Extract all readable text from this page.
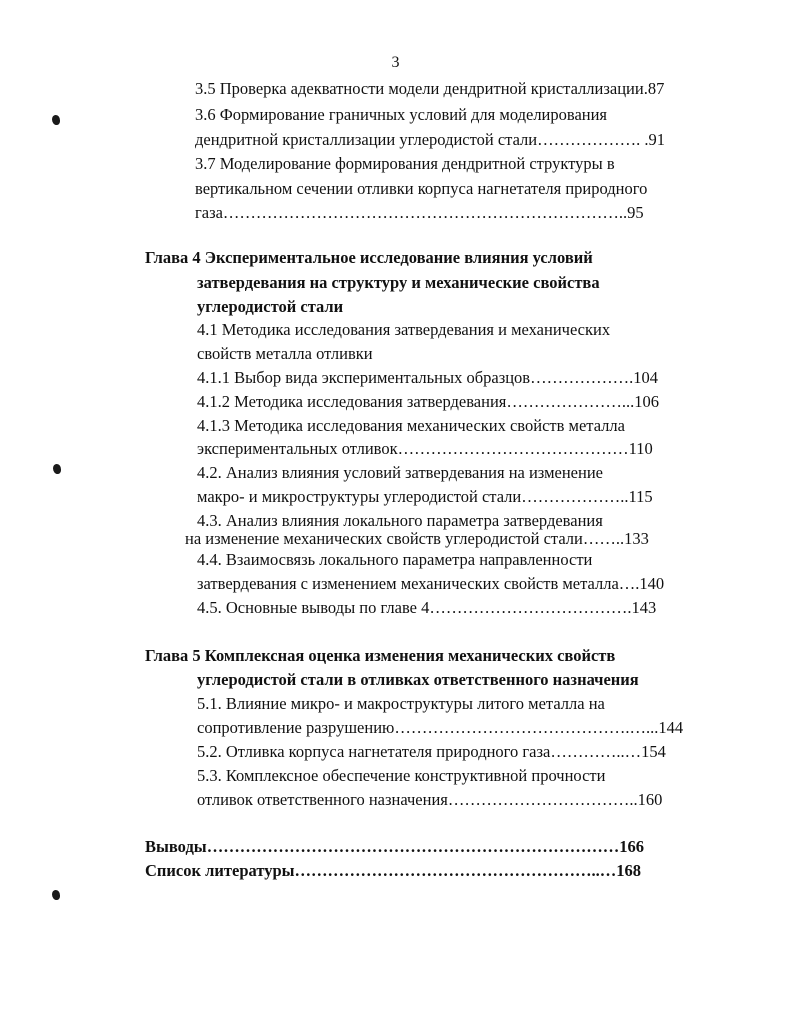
3
3.5 Проверка адекватности модели дендритной кристаллизации.87
3.6 Формирование граничных условий для моделирования
дендритной кристаллизации углеродистой стали………………. .91
3.7 Моделирование формирования дендритной структуры в
вертикальном сечении отливки корпуса нагнетателя природного
газа………………………………………………………………..95
Глава 4 Экспериментальное исследование влияния условий
затвердевания на структуру и механические свойства
углеродистой стали
4.1 Методика исследования затвердевания и механических
свойств металла отливки
4.1.1 Выбор вида экспериментальных образцов……………….104
4.1.2 Методика исследования затвердевания…………………...106
4.1.3 Методика исследования механических свойств металла
экспериментальных отливок……………………………………110
4.2. Анализ влияния условий затвердевания на изменение
макро- и микроструктуры углеродистой стали………………..115
4.3. Анализ влияния локального параметра затвердевания
на изменение механических свойств углеродистой стали……..133
4.4. Взаимосвязь локального параметра направленности
затвердевания с изменением механических свойств металла….140
4.5. Основные выводы по главе 4……………………………….143
Глава 5 Комплексная оценка изменения механических свойств
углеродистой стали в отливках ответственного назначения
5.1. Влияние микро- и макроструктуры литого металла на
сопротивление разрушению…………………………………….…...144
5.2. Отливка корпуса нагнетателя природного газа…………..…154
5.3. Комплексное обеспечение конструктивной прочности
отливок ответственного назначения……………………………..160
Выводы…………………………………………………………………166
Список литературы………………………………………………..…168
